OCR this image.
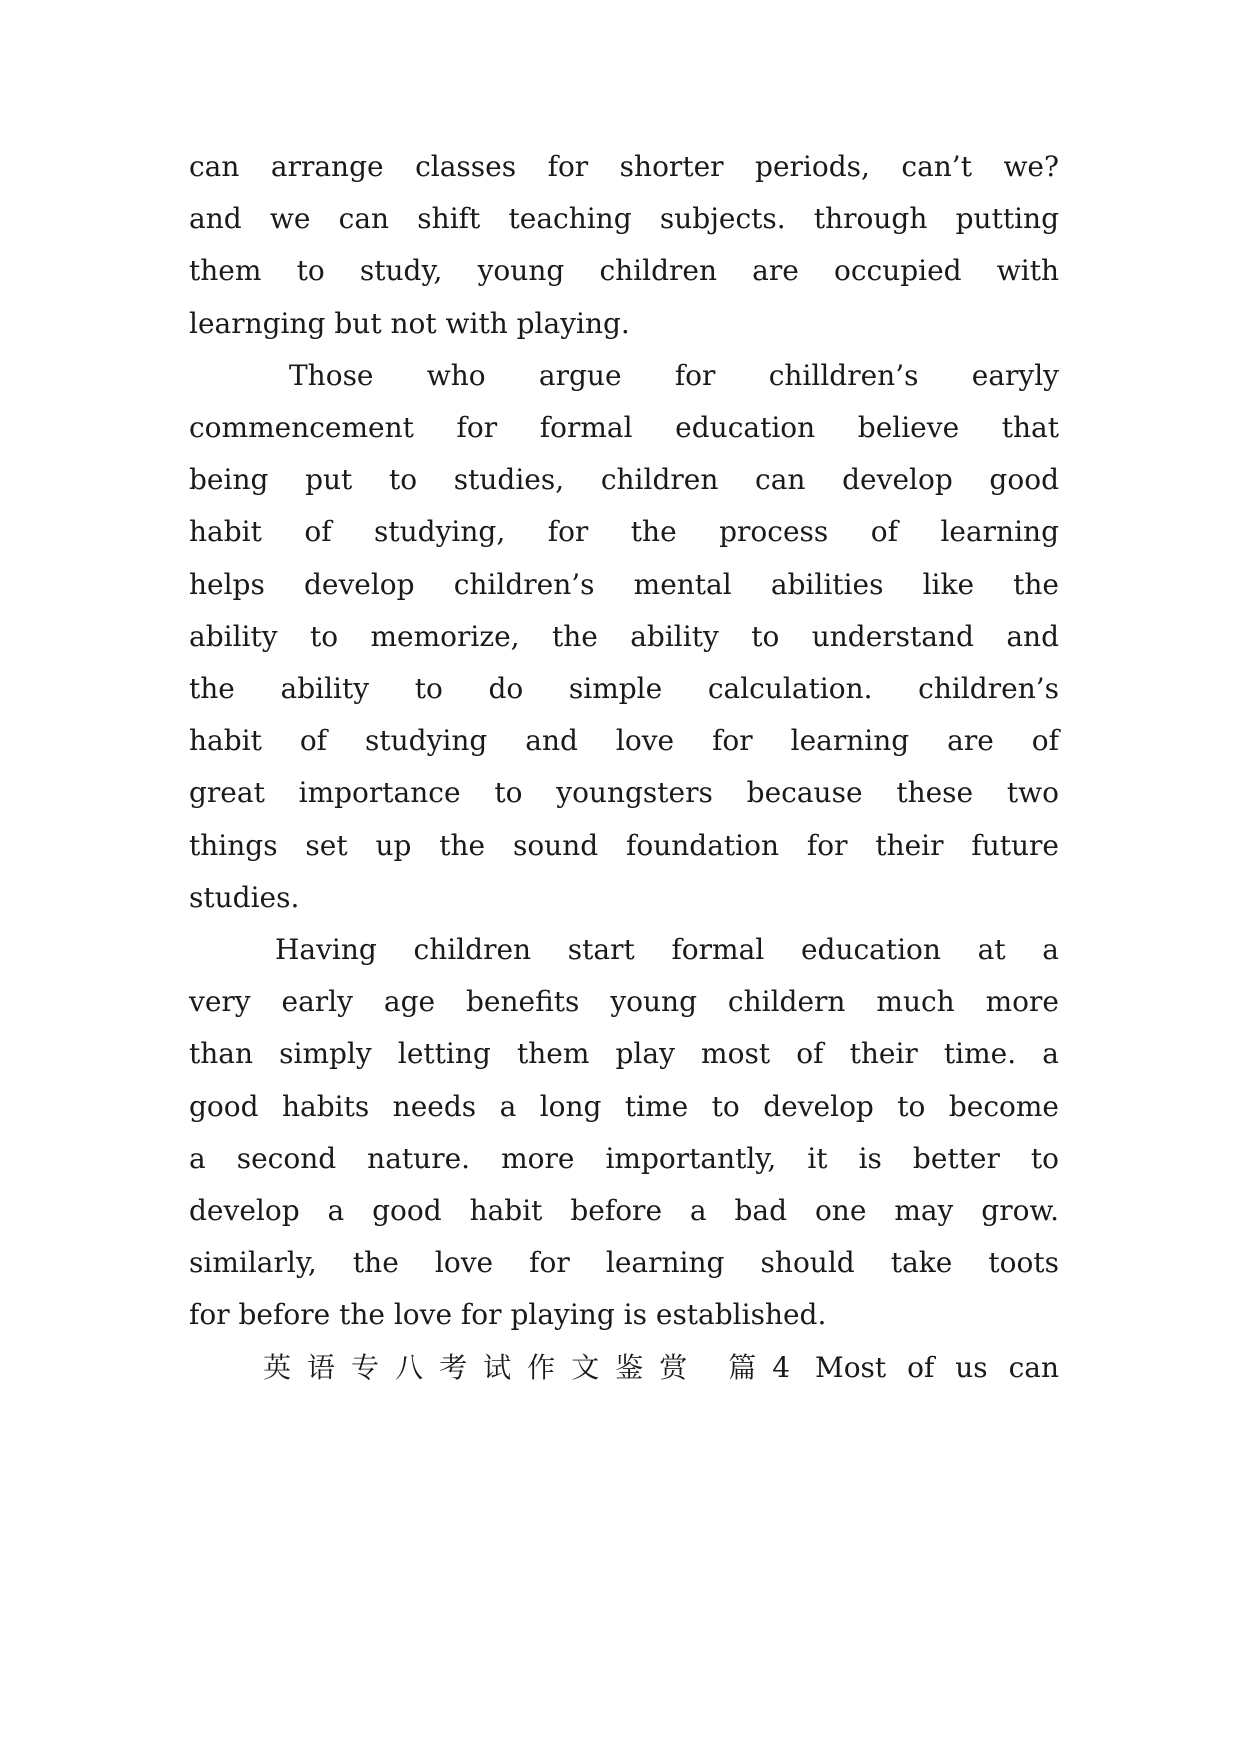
can arrange classes for shorter periods, can’t we?
and we can shift teaching subjects. through putting
them to study, young children are occupied with
learnging but not with playing.
Those who argue for chilldren’s earyly
commencement for formal education believe that
being put to studies, children can develop good
habit of studying, for the process of learning
helps develop children’s mental abilities like the
ability to memorize, the ability to understand and
the ability to do simple calculation. children’s
habit of studying and love for learning are of
great importance to youngsters because these two
things set up the sound foundation for their future
studies.
Having children start formal education at a
very early age benefits young childern much more
than simply letting them play most of their time. a
good habits needs a long time to develop to become
a second nature. more importantly, it is better to
develop a good habit before a bad one may grow.
similarly, the love for learning should take toots
for before the love for playing is established.
英语专八考试作文鉴赏 篇4 Most of us can
